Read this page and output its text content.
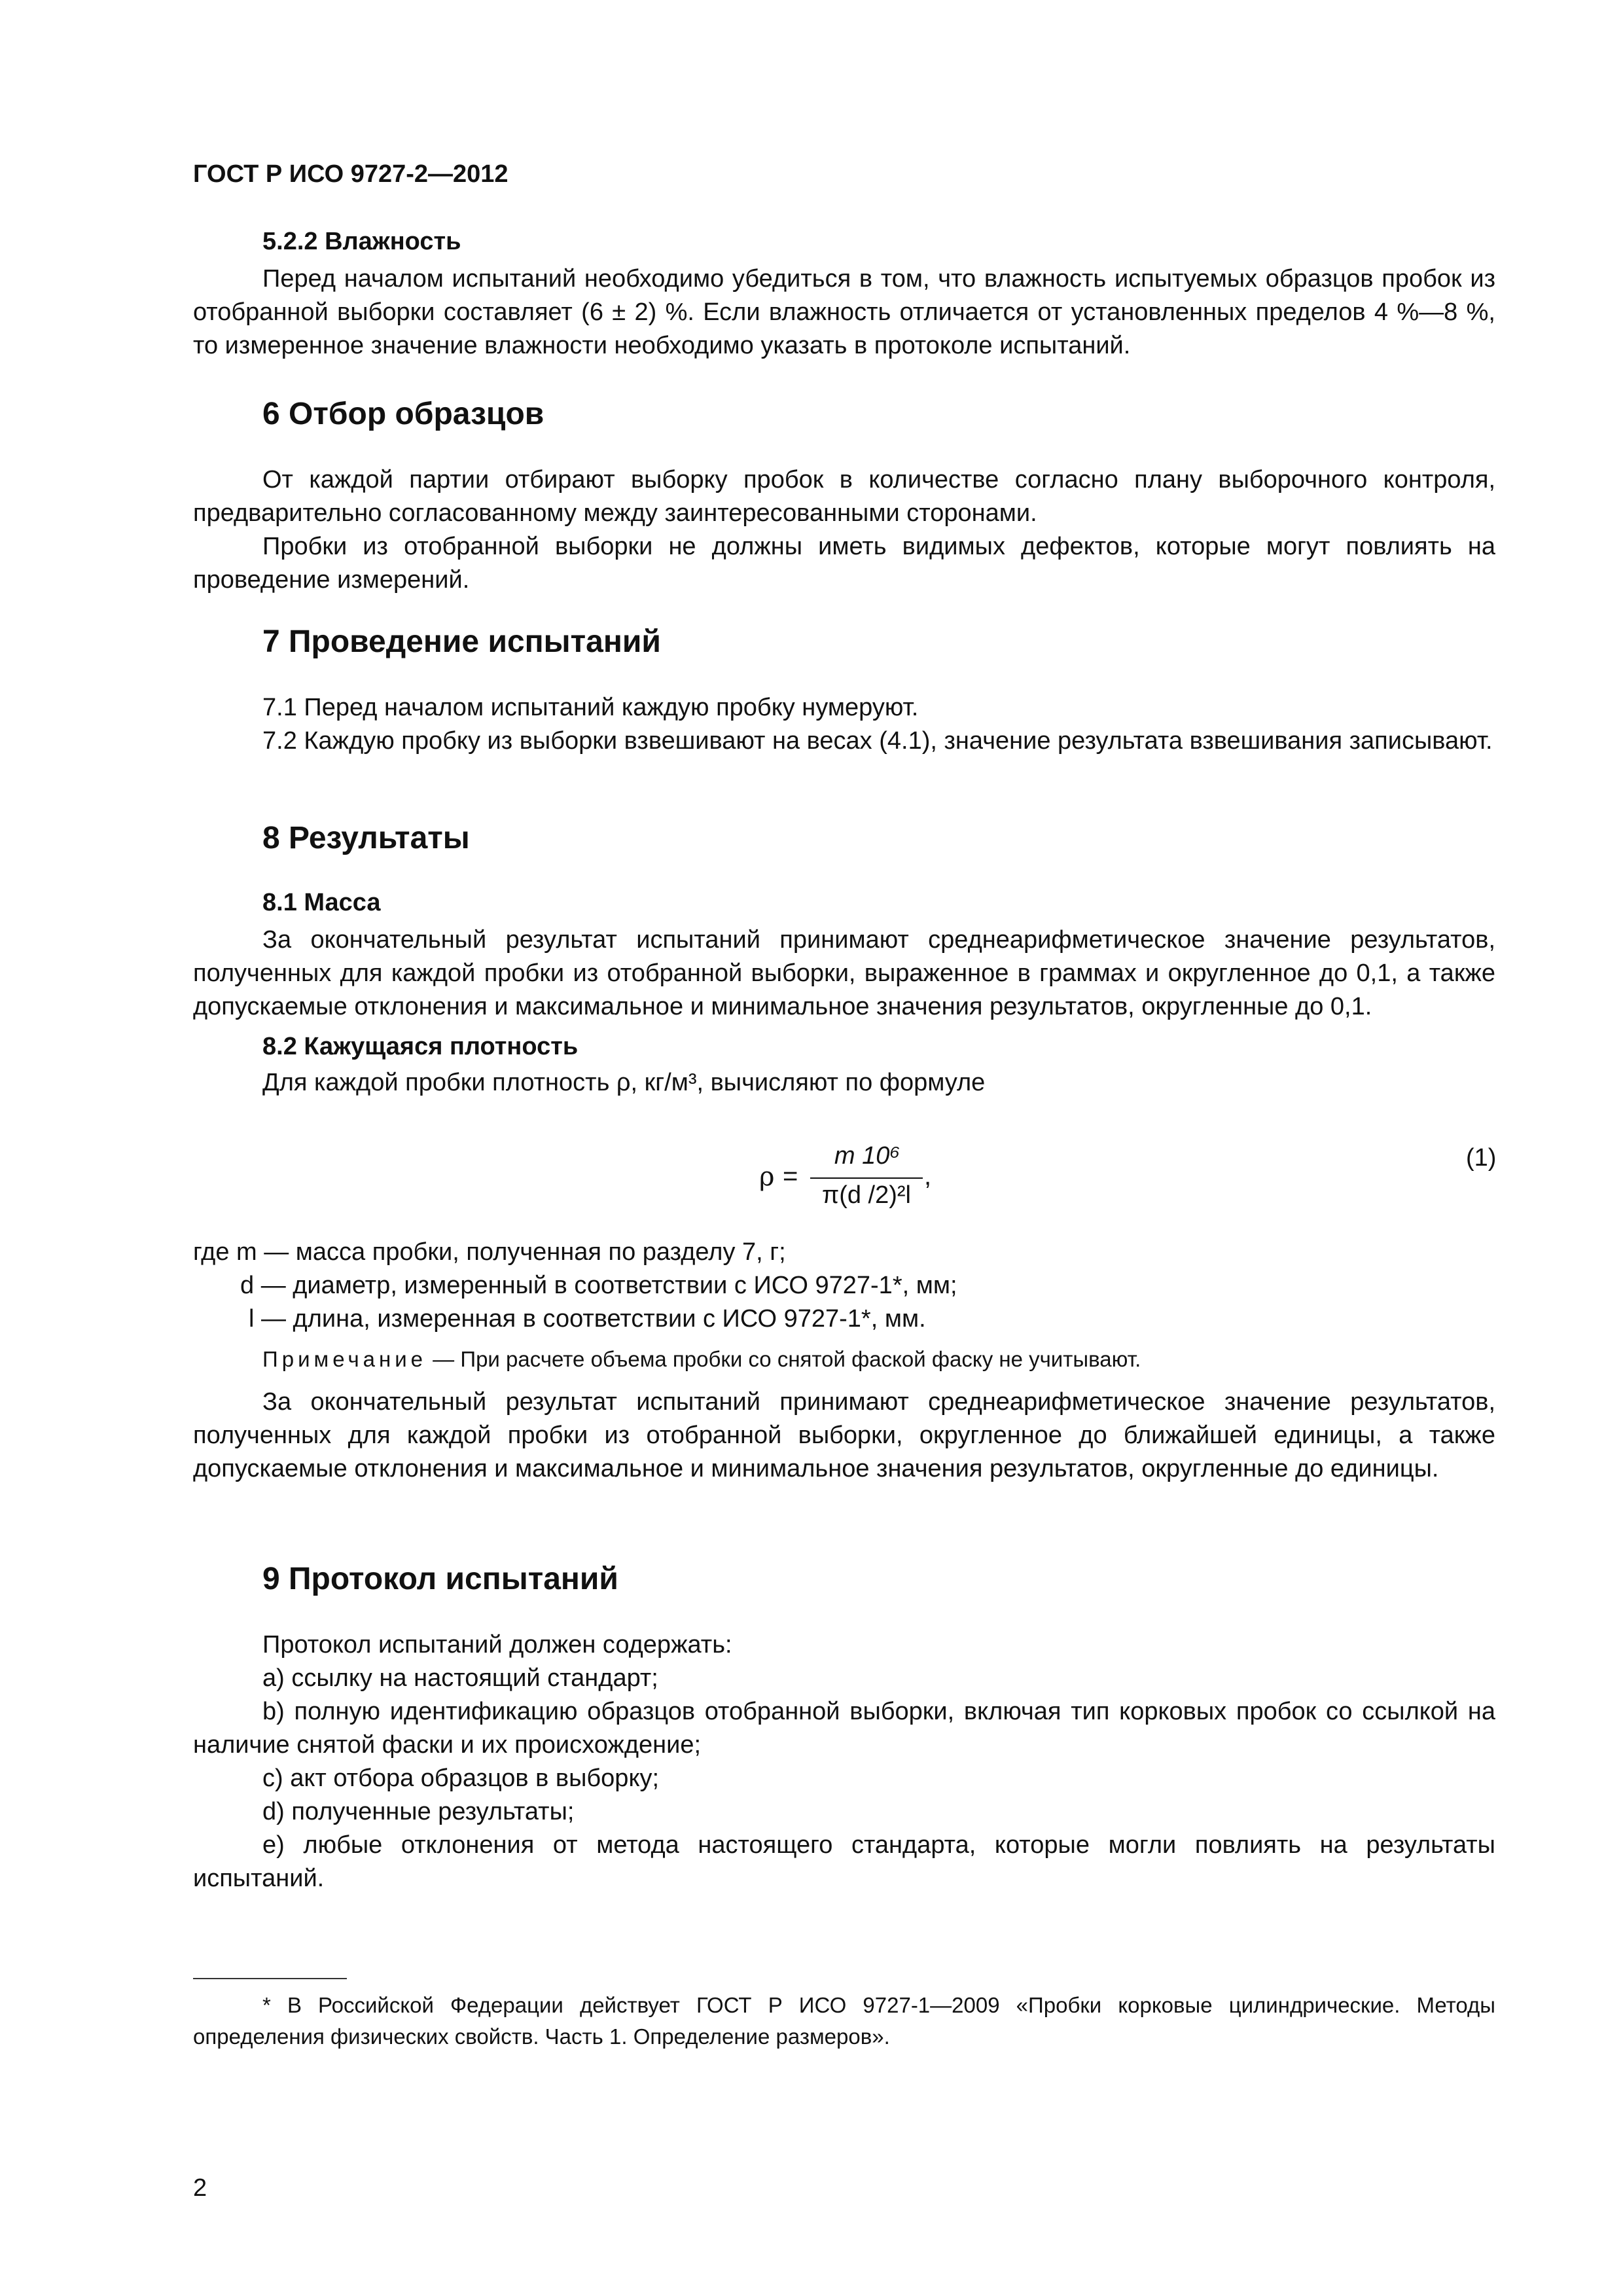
ГОСТ Р ИСО 9727-2—2012
5.2.2 Влажность

Перед началом испытаний необходимо убедиться в том, что влажность испытуемых образцов пробок из отобранной выборки составляет (6 ± 2) %. Если влажность отличается от установленных пределов 4 %—8 %, то измеренное значение влажности необходимо указать в протоколе испытаний.

6 Отбор образцов

От каждой партии отбирают выборку пробок в количестве согласно плану выборочного контроля, предварительно согласованному между заинтересованными сторонами.

Пробки из отобранной выборки не должны иметь видимых дефектов, которые могут повлиять на проведение измерений.

7 Проведение испытаний

7.1 Перед началом испытаний каждую пробку нумеруют.

7.2 Каждую пробку из выборки взвешивают на весах (4.1), значение результата взвешивания записывают.

8 Результаты
8.1 Масса

За окончательный результат испытаний принимают среднеарифметическое значение результатов, полученных для каждой пробки из отобранной выборки, выраженное в граммах и округленное до 0,1, а также допускаемые отклонения и максимальное и минимальное значения результатов, округленные до 0,1.

8.2 Кажущаяся плотность

Для каждой пробки плотность ρ, кг/м³, вычисляют по формуле

ρ =
m 10⁶
π(d /2)²l
,
(1)

где m — масса пробки, полученная по разделу 7, г;

d — диаметр, измеренный в соответствии с ИСО 9727-1*, мм;

l — длина, измеренная в соответствии с ИСО 9727-1*, мм.

Примечание — При расчете объема пробки со снятой фаской фаску не учитывают.

За окончательный результат испытаний принимают среднеарифметическое значение результатов, полученных для каждой пробки из отобранной выборки, округленное до ближайшей единицы, а также допускаемые отклонения и максимальное и минимальное значения результатов, округленные до единицы.

9 Протокол испытаний

Протокол испытаний должен содержать:

a) ссылку на настоящий стандарт;

b) полную идентификацию образцов отобранной выборки, включая тип корковых пробок со ссылкой на наличие снятой фаски и их происхождение;

c) акт отбора образцов в выборку;

d) полученные результаты;

e) любые отклонения от метода настоящего стандарта, которые могли повлиять на результаты испытаний.

* В Российской Федерации действует ГОСТ Р ИСО 9727-1—2009 «Пробки корковые цилиндрические. Методы определения физических свойств. Часть 1. Определение размеров».

2
